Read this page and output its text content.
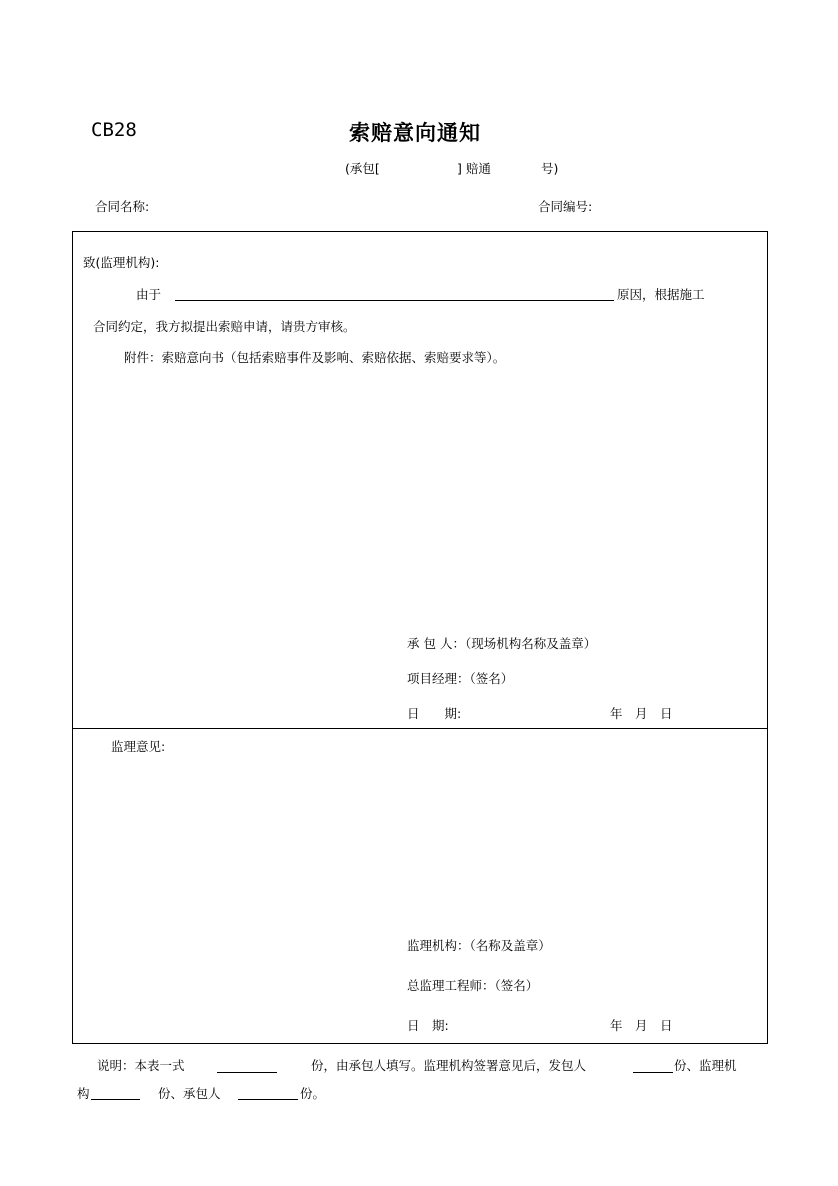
CB28	索赔意向通知
(承包[	] 赔通	号)
合同名称:	合同编号:
致(监理机构):
由于	原因，根据施工
合同约定，我方拟提出索赔申请，请贵方审核。
附件：索赔意向书（包括索赔事件及影响、索赔依据、索赔要求等）。
承 包 人：（现场机构名称及盖章）
项目经理：（签名）
日　　期:	年　月　日
监理意见:
监理机构：（名称及盖章）
总监理工程师：（签名）
日　期:	年　月　日
说明：本表一式	份，由承包人填写。监理机构签署意见后，发包人	份、监理机
构	份、承包人	份。
